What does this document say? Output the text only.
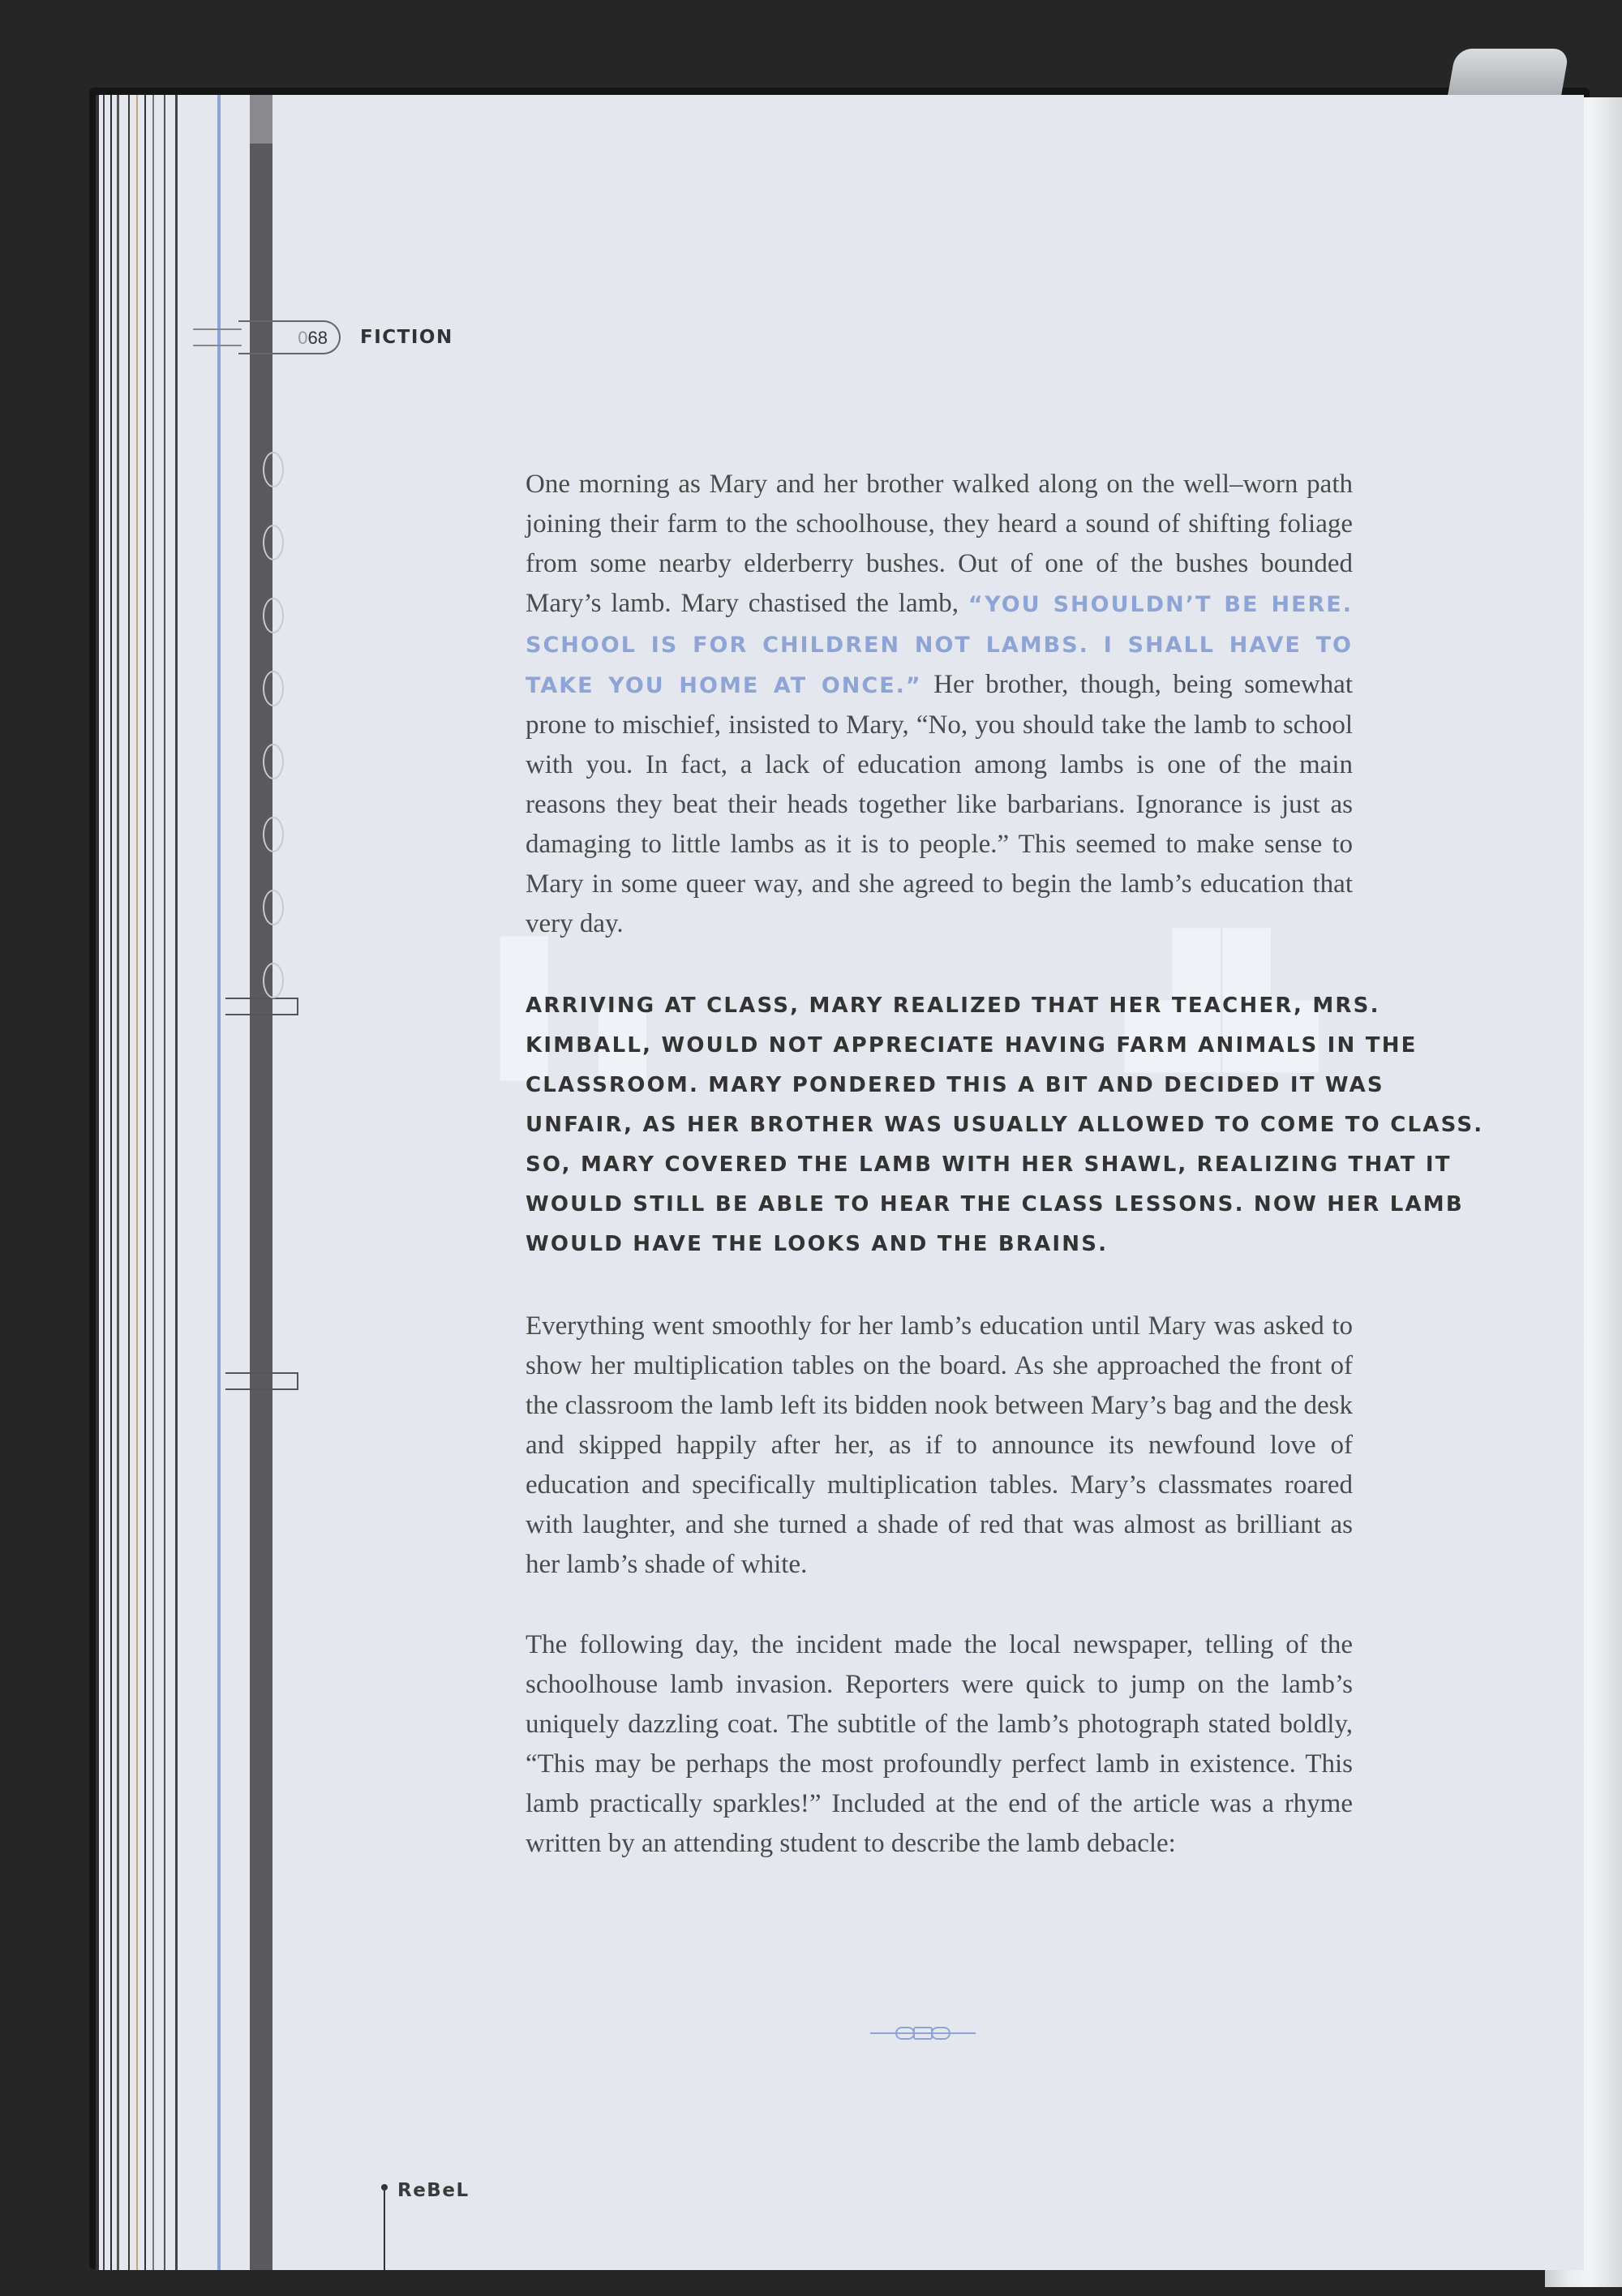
068	FICTION
▌▖	▟▙

One morning as Mary and her brother walked along on the well–worn path joining their farm to the schoolhouse, they heard a sound of shifting foliage from some nearby elderberry bushes. Out of one of the bushes bounded Mary’s lamb. Mary chastised the lamb, “YOU SHOULDN’T BE HERE. SCHOOL IS FOR CHILDREN NOT LAMBS. I SHALL HAVE TO TAKE YOU HOME AT ONCE.” Her brother, though, being somewhat prone to mischief, insisted to Mary, “No, you should take the lamb to school with you. In fact, a lack of education among lambs is one of the main reasons they beat their heads together like barbarians. Ignorance is just as damaging to little lambs as it is to people.” This seemed to make sense to Mary in some queer way, and she agreed to begin the lamb’s education that very day.

ARRIVING AT CLASS, MARY REALIZED THAT HER TEACHER, MRS. KIMBALL, WOULD NOT APPRECIATE HAVING FARM ANIMALS IN THE CLASSROOM. MARY PONDERED THIS A BIT AND DECIDED IT WAS UNFAIR, AS HER BROTHER WAS USUALLY ALLOWED TO COME TO CLASS. SO, MARY COVERED THE LAMB WITH HER SHAWL, REALIZING THAT IT WOULD STILL BE ABLE TO HEAR THE CLASS LESSONS. NOW HER LAMB WOULD HAVE THE LOOKS AND THE BRAINS.

Everything went smoothly for her lamb’s education until Mary was asked to show her multiplication tables on the board. As she approached the front of the classroom the lamb left its bidden nook between Mary’s bag and the desk and skipped happily after her, as if to announce its newfound love of education and specifically multiplication tables. Mary’s classmates roared with laughter, and she turned a shade of red that was almost as brilliant as her lamb’s shade of white.

The following day, the incident made the local newspaper, telling of the schoolhouse lamb invasion. Reporters were quick to jump on the lamb’s uniquely dazzling coat. The subtitle of the lamb’s photograph stated boldly, “This may be perhaps the most profoundly perfect lamb in existence. This lamb practically sparkles!” Included at the end of the article was a rhyme written by an attending student to describe the lamb debacle:

ReBeL
